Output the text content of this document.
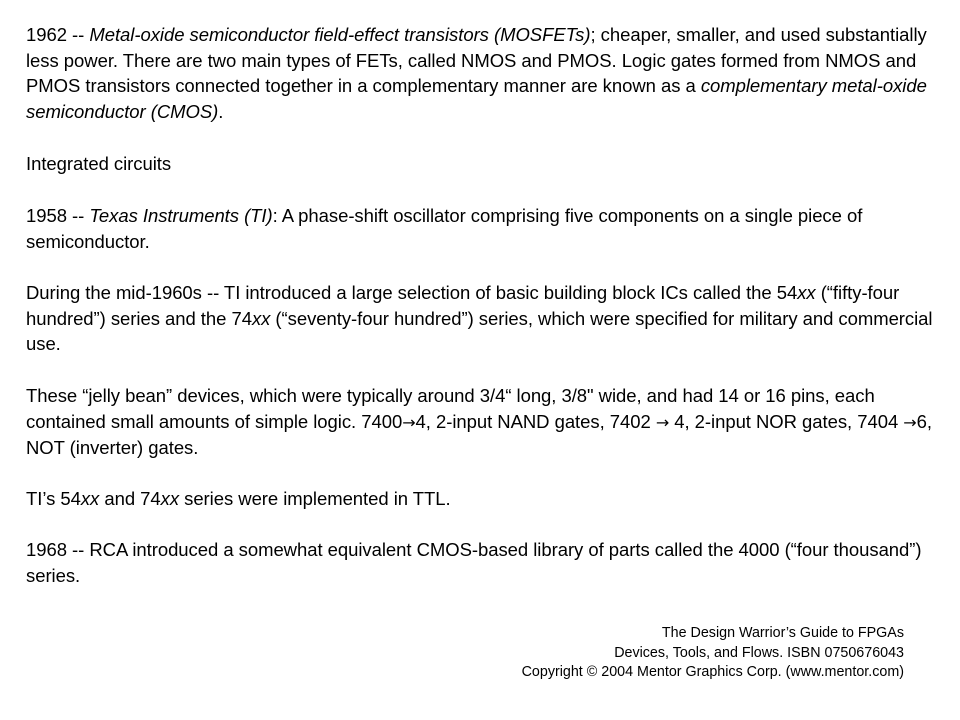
1962 -- Metal-oxide semiconductor field-effect transistors (MOSFETs); cheaper, smaller, and used substantially less power. There are two main types of FETs, called NMOS and PMOS. Logic gates formed from NMOS and PMOS transistors connected together in a complementary manner are known as a complementary metal-oxide semiconductor (CMOS).

Integrated circuits

1958 -- Texas Instruments (TI): A phase-shift oscillator comprising five components on a single piece of semiconductor.

During the mid-1960s -- TI introduced a large selection of basic building block ICs called the 54xx (“fifty-four hundred”) series and the 74xx (“seventy-four hundred”) series, which were specified for military and commercial use.

These “jelly bean” devices, which were typically around 3/4“ long, 3/8" wide, and had 14 or 16 pins, each contained small amounts of simple logic. 7400→4, 2-input NAND gates, 7402 → 4, 2-input NOR gates, 7404 →6, NOT (inverter) gates.

TI’s 54xx and 74xx series were implemented in TTL.

1968 -- RCA introduced a somewhat equivalent CMOS-based library of parts called the 4000 (“four thousand”) series.

The Design Warrior’s Guide to FPGAs
Devices, Tools, and Flows. ISBN 0750676043
Copyright © 2004 Mentor Graphics Corp. (www.mentor.com)
